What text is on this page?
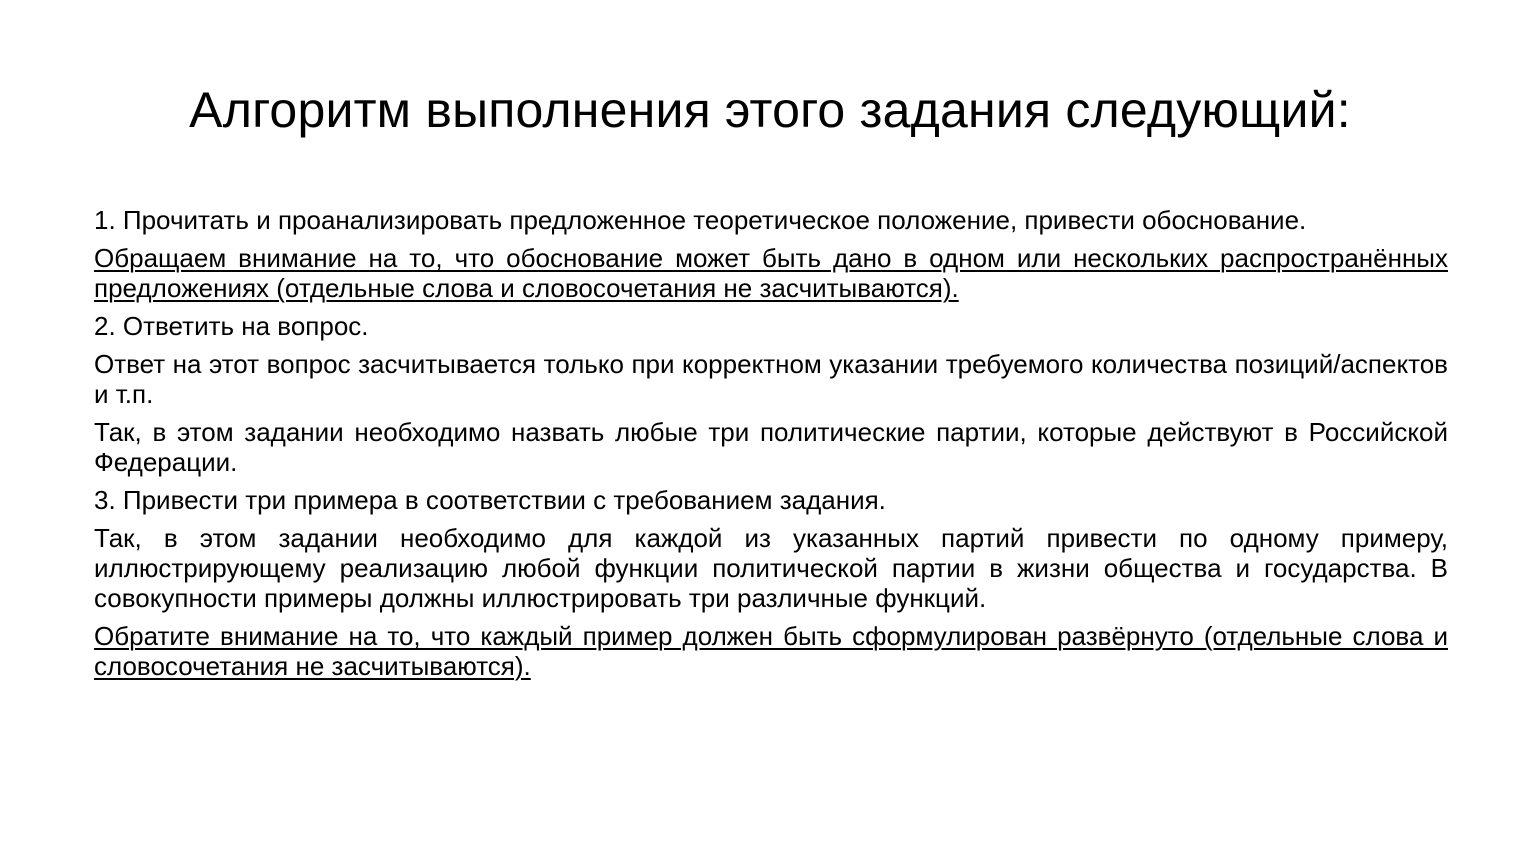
Алгоритм выполнения этого задания следующий:

1. Прочитать и проанализировать предложенное теоретическое положение, привести обоснование.

Обращаем внимание на то, что обоснование может быть дано в одном или нескольких распространённых предложениях (отдельные слова и словосочетания не засчитываются).

2. Ответить на вопрос.

Ответ на этот вопрос засчитывается только при корректном указании требуемого количества позиций/аспектов и т.п.

Так, в этом задании необходимо назвать любые три политические партии, которые действуют в Российской Федерации.

3. Привести три примера в соответствии с требованием задания.

Так, в этом задании необходимо для каждой из указанных партий привести по одному примеру, иллюстрирующему реализацию любой функции политической партии в жизни общества и государства. В совокупности примеры должны иллюстрировать три различные функций.

Обратите внимание на то, что каждый пример должен быть сформулирован развёрнуто (отдельные слова и словосочетания не засчитываются).
